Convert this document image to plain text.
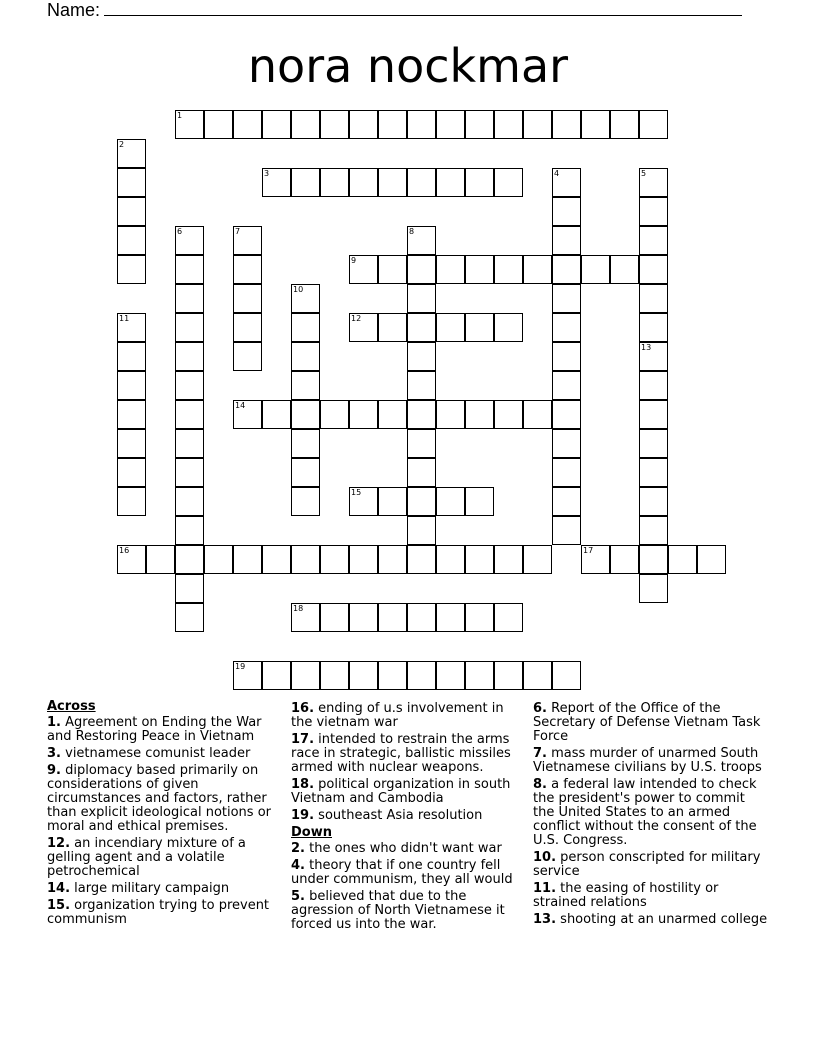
Name:
nora nockmar
1
2
3	4	5
6	7	8
9
10
11	12
13
14
15
16	17
18
19
Across
1. Agreement on Ending the War and Restoring Peace in Vietnam
3. vietnamese comunist leader
9. diplomacy based primarily on considerations of given circumstances and factors, rather than explicit ideological notions or moral and ethical premises.
12. an incendiary mixture of a gelling agent and a volatile petrochemical
14. large military campaign
15. organization trying to prevent communism
16. ending of u.s involvement in the vietnam war
17. intended to restrain the arms race in strategic, ballistic missiles armed with nuclear weapons.
18. political organization in south Vietnam and Cambodia
19. southeast Asia resolution
Down
2. the ones who didn't want war
4. theory that if one country fell under communism, they all would
5. believed that due to the agression of North Vietnamese it forced us into the war.
6. Report of the Office of the Secretary of Defense Vietnam Task Force
7. mass murder of unarmed South Vietnamese civilians by U.S. troops
8. a federal law intended to check the president's power to commit the United States to an armed conflict without the consent of the U.S. Congress.
10. person conscripted for military service
11. the easing of hostility or strained relations
13. shooting at an unarmed college
